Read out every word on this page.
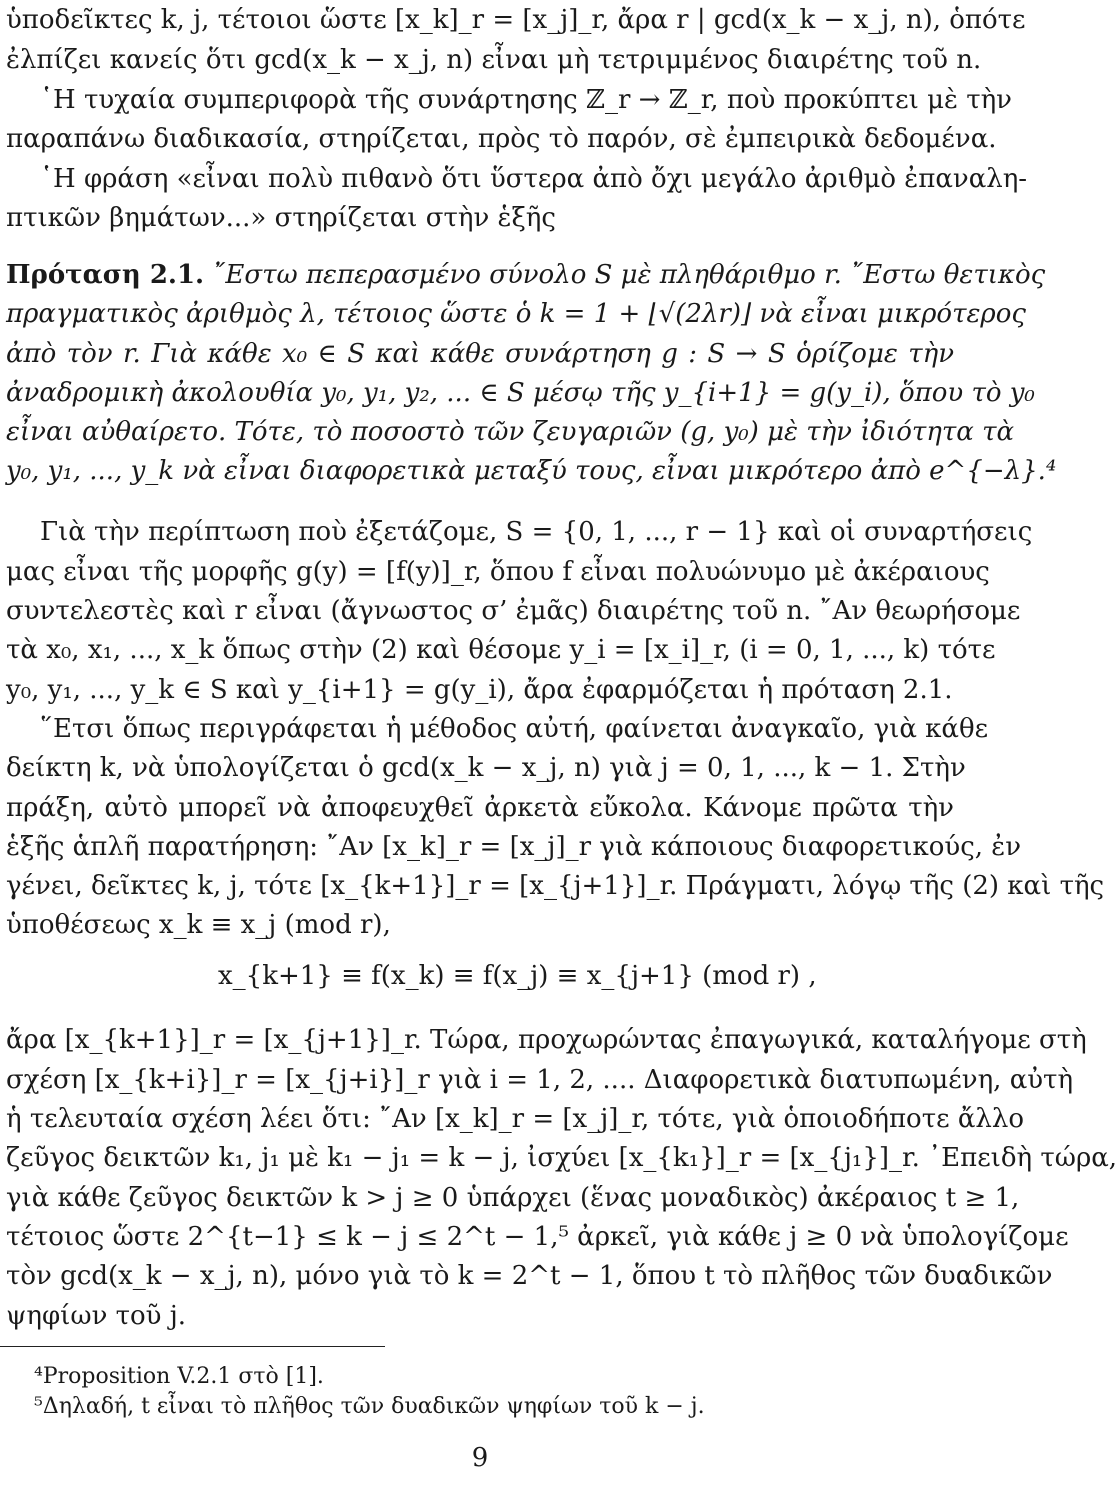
ὑποδεῖκτες k, j, τέτοιοι ὥστε [x_k]_r = [x_j]_r, ἄρα r | gcd(x_k − x_j, n), ὁπότε
ἐλπίζει κανείς ὅτι gcd(x_k − x_j, n) εἶναι μὴ τετριμμένος διαιρέτης τοῦ n.
῾Η τυχαία συμπεριφορὰ τῆς συνάρτησης ℤ_r → ℤ_r, ποὺ προκύπτει μὲ τὴν
παραπάνω διαδικασία, στηρίζεται, πρὸς τὸ παρόν, σὲ ἐμπειρικὰ δεδομένα.
῾Η φράση «εἶναι πολὺ πιθανὸ ὅτι ὕστερα ἀπὸ ὄχι μεγάλο ἀριθμὸ ἐπαναλη-
πτικῶν βημάτων...» στηρίζεται στὴν ἑξῆς
Πρόταση 2.1. ῎Εστω πεπερασμένο σύνολο S μὲ πληθάριθμο r. ῎Εστω θετικὸς
πραγματικὸς ἀριθμὸς λ, τέτοιος ὥστε ὁ k = 1 + ⌊√(2λr)⌋ νὰ εἶναι μικρότερος
ἀπὸ τὸν r. Γιὰ κάθε x₀ ∈ S καὶ κάθε συνάρτηση g : S → S ὁρίζομε τὴν
ἀναδρομικὴ ἀκολουθία y₀, y₁, y₂, ... ∈ S μέσῳ τῆς y_{i+1} = g(y_i), ὅπου τὸ y₀
εἶναι αὐθαίρετο. Τότε, τὸ ποσοστὸ τῶν ζευγαριῶν (g, y₀) μὲ τὴν ἰδιότητα τὰ
y₀, y₁, ..., y_k νὰ εἶναι διαφορετικὰ μεταξύ τους, εἶναι μικρότερο ἀπὸ e^{−λ}.⁴
Γιὰ τὴν περίπτωση ποὺ ἐξετάζομε, S = {0, 1, ..., r − 1} καὶ οἱ συναρτήσεις
μας εἶναι τῆς μορφῆς g(y) = [f(y)]_r, ὅπου f εἶναι πολυώνυμο μὲ ἀκέραιους
συντελεστὲς καὶ r εἶναι (ἄγνωστος σ’ ἐμᾶς) διαιρέτης τοῦ n. ῎Αν θεωρήσομε
τὰ x₀, x₁, ..., x_k ὅπως στὴν (2) καὶ θέσομε y_i = [x_i]_r, (i = 0, 1, ..., k) τότε
y₀, y₁, ..., y_k ∈ S καὶ y_{i+1} = g(y_i), ἄρα ἐφαρμόζεται ἡ πρόταση 2.1.
῞Ετσι ὅπως περιγράφεται ἡ μέθοδος αὐτή, φαίνεται ἀναγκαῖο, γιὰ κάθε
δείκτη k, νὰ ὑπολογίζεται ὁ gcd(x_k − x_j, n) γιὰ j = 0, 1, ..., k − 1. Στὴν
πράξη, αὐτὸ μπορεῖ νὰ ἀποφευχθεῖ ἀρκετὰ εὔκολα. Κάνομε πρῶτα τὴν
ἑξῆς ἁπλῆ παρατήρηση: ῎Αν [x_k]_r = [x_j]_r γιὰ κάποιους διαφορετικούς, ἐν
γένει, δεῖκτες k, j, τότε [x_{k+1}]_r = [x_{j+1}]_r. Πράγματι, λόγῳ τῆς (2) καὶ τῆς
ὑποθέσεως x_k ≡ x_j (mod r),
x_{k+1} ≡ f(x_k) ≡ f(x_j) ≡ x_{j+1} (mod r) ,
ἄρα [x_{k+1}]_r = [x_{j+1}]_r. Τώρα, προχωρώντας ἐπαγωγικά, καταλήγομε στὴ
σχέση [x_{k+i}]_r = [x_{j+i}]_r γιὰ i = 1, 2, .... Διαφορετικὰ διατυπωμένη, αὐτὴ
ἡ τελευταία σχέση λέει ὅτι: ῎Αν [x_k]_r = [x_j]_r, τότε, γιὰ ὁποιοδήποτε ἄλλο
ζεῦγος δεικτῶν k₁, j₁ μὲ k₁ − j₁ = k − j, ἰσχύει [x_{k₁}]_r = [x_{j₁}]_r. ᾿Επειδὴ τώρα,
γιὰ κάθε ζεῦγος δεικτῶν k > j ≥ 0 ὑπάρχει (ἕνας μοναδικὸς) ἀκέραιος t ≥ 1,
τέτοιος ὥστε 2^{t−1} ≤ k − j ≤ 2^t − 1,⁵ ἀρκεῖ, γιὰ κάθε j ≥ 0 νὰ ὑπολογίζομε
τὸν gcd(x_k − x_j, n), μόνο γιὰ τὸ k = 2^t − 1, ὅπου t τὸ πλῆθος τῶν δυαδικῶν
ψηφίων τοῦ j.
⁴Proposition V.2.1 στὸ [1].
⁵Δηλαδή, t εἶναι τὸ πλῆθος τῶν δυαδικῶν ψηφίων τοῦ k − j.
9
